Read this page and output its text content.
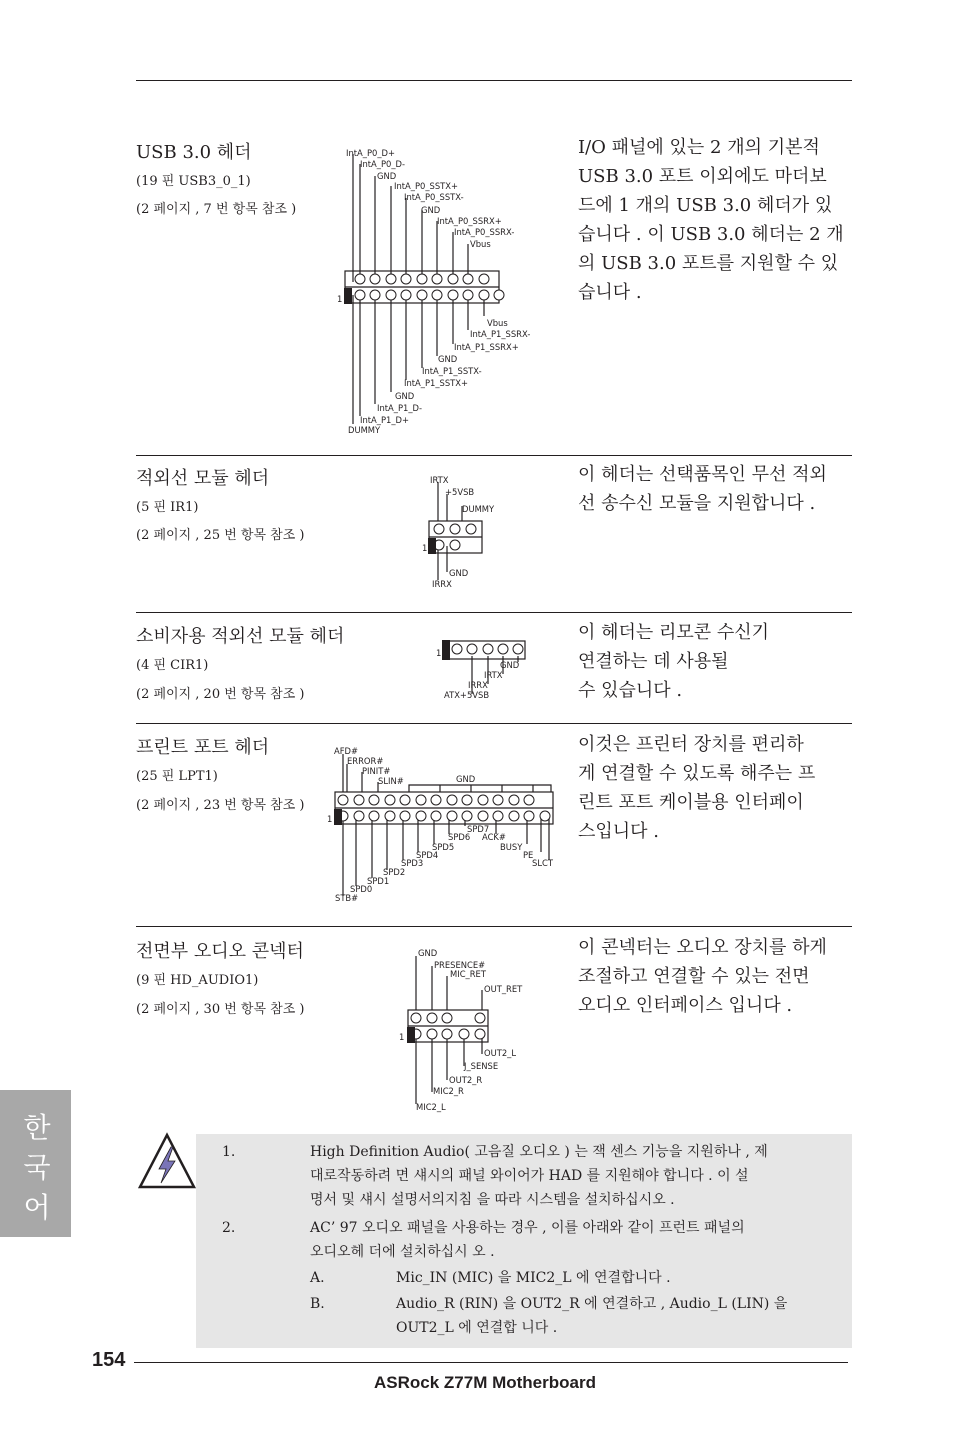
USB 3.0 헤더
(19 핀 USB3_0_1)
(2 페이지 , 7 번 항목 참조 )
I/O 패널에 있는 2 개의 기본적
USB 3.0 포트 이외에도 마더보
드에 1 개의 USB 3.0 헤더가 있
습니다 . 이 USB 3.0 헤더는 2 개
의 USB 3.0 포트를 지원할 수 있
습니다 .
1
IntA_P0_D+
IntA_P0_D-
GND
IntA_P0_SSTX+
IntA_P0_SSTX-
GND
IntA_P0_SSRX+
IntA_P0_SSRX-
Vbus
Vbus
IntA_P1_SSRX-
IntA_P1_SSRX+
GND
IntA_P1_SSTX-
IntA_P1_SSTX+
GND
IntA_P1_D-
IntA_P1_D+
DUMMY
적외선 모듈 헤더
(5 핀 IR1)
(2 페이지 , 25 번 항목 참조 )
이 헤더는 선택품목인 무선 적외
선 송수신 모듈을 지원합니다 .
1
IRTX
+5VSB
DUMMY
GND
IRRX
소비자용 적외선 모듈 헤더
(4 핀 CIR1)
(2 페이지 , 20 번 항목 참조 )
이 헤더는 리모콘 수신기
연결하는 데 사용될
수 있습니다 .
1
GND
IRTX
IRRX
ATX+5VSB
프린트 포트 헤더
(25 핀 LPT1)
(2 페이지 , 23 번 항목 참조 )
이것은 프린터 장치를 편리하
게 연결할 수 있도록 해주는 프
린트 포트 케이블용 인터페이
스입니다 .
1
AFD#
ERROR#
PINIT#
SLIN#	GND
SPD7
SPD6 ACK#
SPD5	BUSY
SPD4	PE
SPD3	SLCT
SPD2
SPD1
SPD0
STB#
전면부 오디오 콘넥터
(9 핀 HD_AUDIO1)
(2 페이지 , 30 번 항목 참조 )
이 콘넥터는 오디오 장치를 하게
조절하고 연결할 수 있는 전면
오디오 인터페이스 입니다 .
1
GND
PRESENCE#
MIC_RET
OUT_RET
OUT2_L
J_SENSE
OUT2_R
MIC2_R
MIC2_L
한
국
어
1.	High Definition Audio( 고음질 오디오 ) 는 잭 센스 기능을 지원하나 , 제
대로작동하려 면 섀시의 패널 와이어가 HAD 를 지원해야 합니다 . 이 설
명서 및 섀시 설명서의지침 을 따라 시스템을 설치하십시오 .
2.	AC’ 97 오디오 패널을 사용하는 경우 , 이를 아래와 같이 프런트 패널의
오디오헤 더에 설치하십시 오 .
A.	Mic_IN (MIC) 을 MIC2_L 에 연결합니다 .
B.	Audio_R (RIN) 을 OUT2_R 에 연결하고 , Audio_L (LIN) 을
OUT2_L 에 연결합 니다 .
154
ASRock Z77M Motherboard
